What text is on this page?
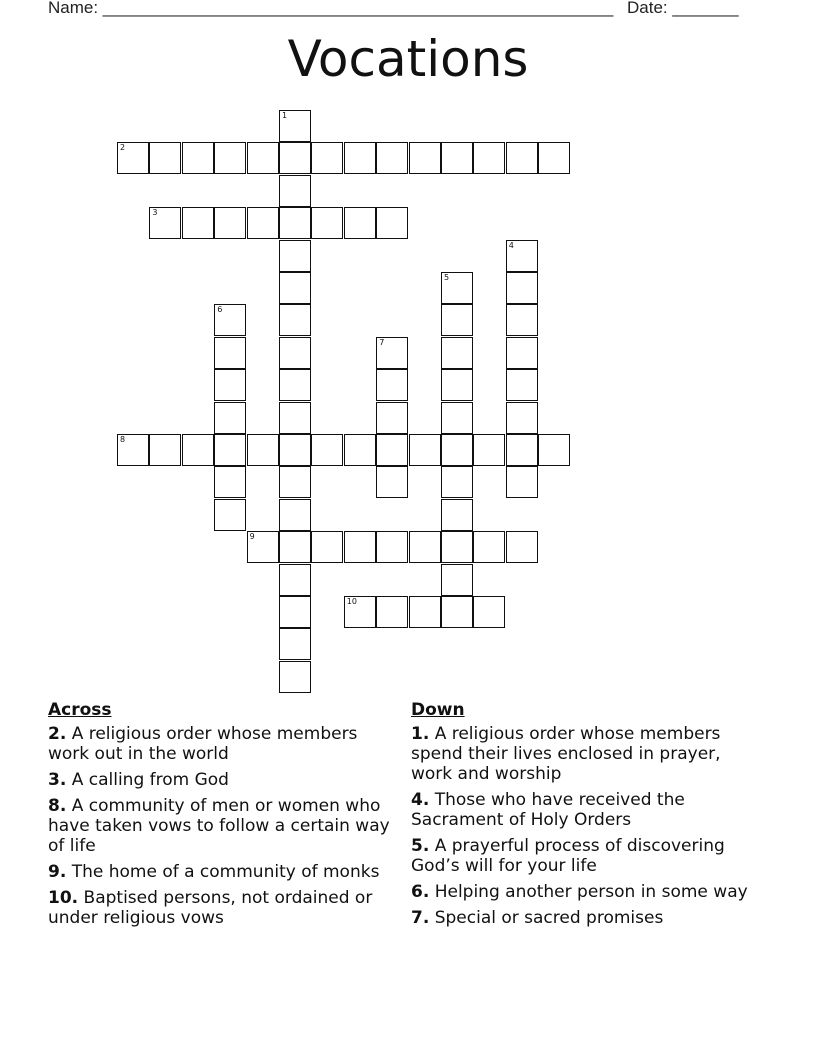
Name: ______________________________________________________ Date: _______
Vocations
1
2
3
4
5
6
7
8
9
10
Across
2. A religious order whose members work out in the world
3. A calling from God
8. A community of men or women who have taken vows to follow a certain way of life
9. The home of a community of monks
10. Baptised persons, not ordained or under religious vows
Down
1. A religious order whose members spend their lives enclosed in prayer, work and worship
4. Those who have received the Sacrament of Holy Orders
5. A prayerful process of discovering God’s will for your life
6. Helping another person in some way
7. Special or sacred promises
